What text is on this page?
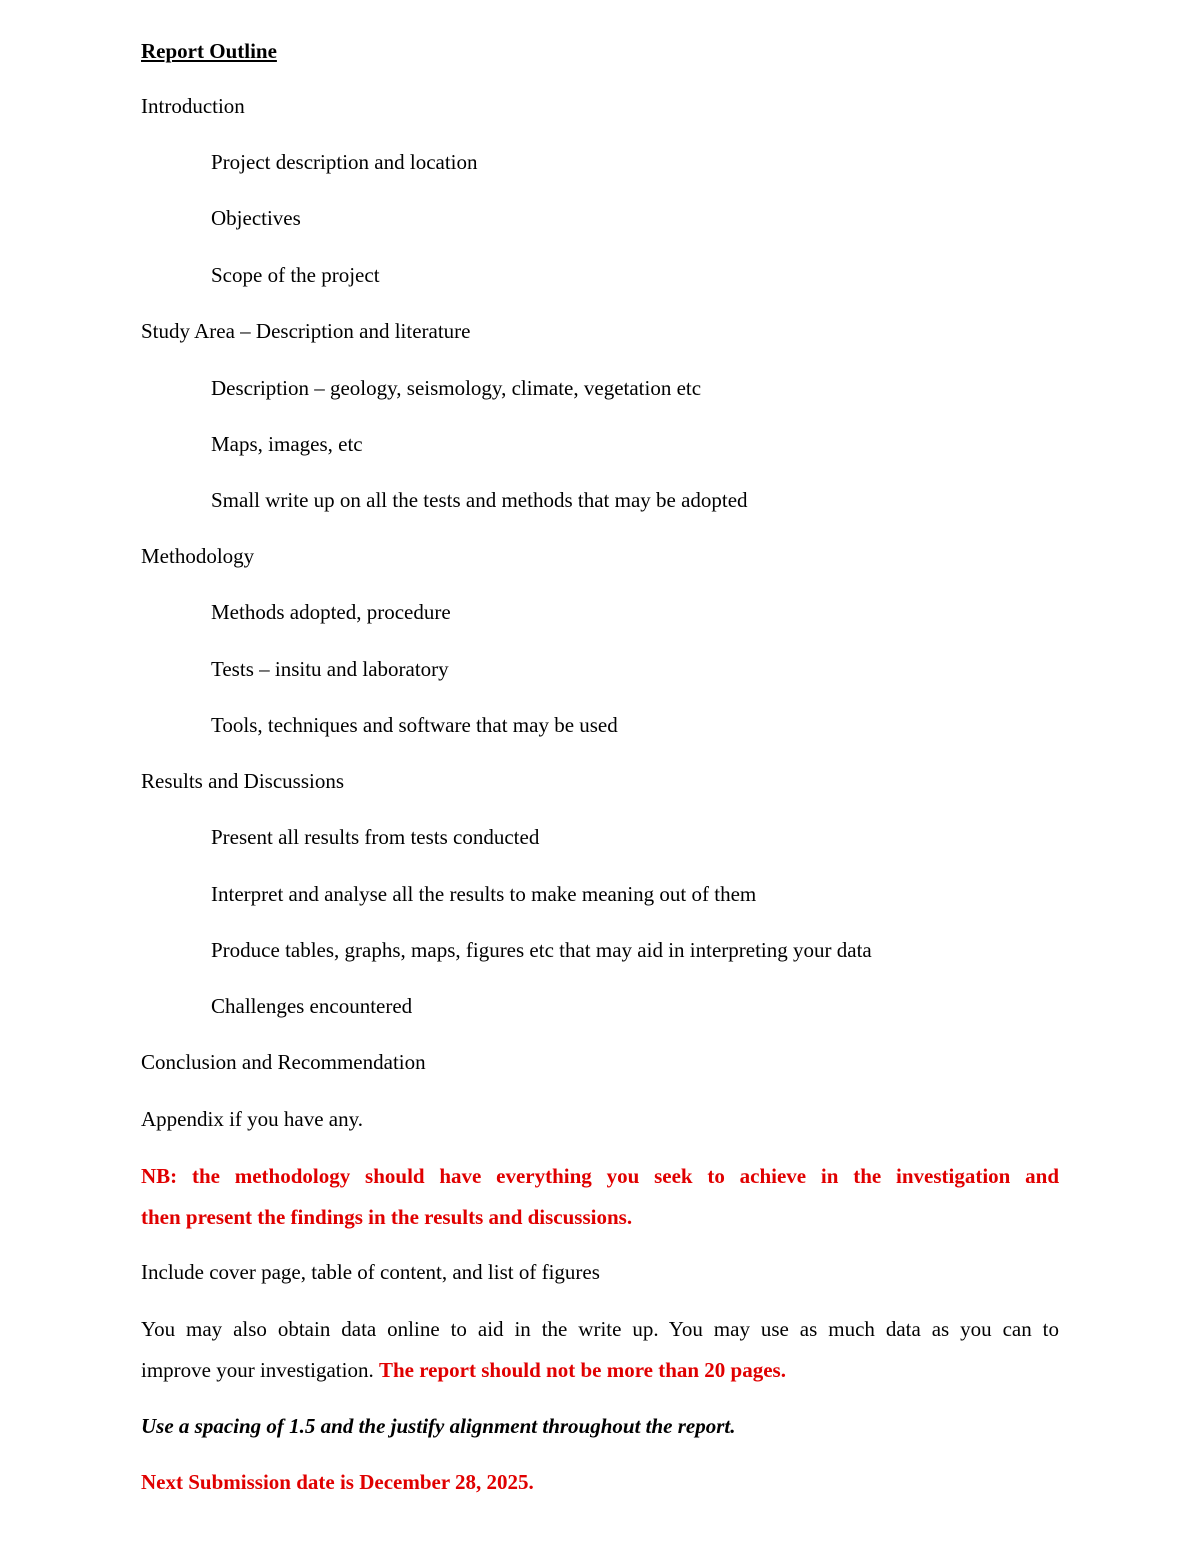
Report Outline
Introduction
Project description and location
Objectives
Scope of the project
Study Area – Description and literature
Description – geology, seismology, climate, vegetation etc
Maps, images, etc
Small write up on all the tests and methods that may be adopted
Methodology
Methods adopted, procedure
Tests – insitu and laboratory
Tools, techniques and software that may be used
Results and Discussions
Present all results from tests conducted
Interpret and analyse all the results to make meaning out of them
Produce tables, graphs, maps, figures etc that may aid in interpreting your data
Challenges encountered
Conclusion and Recommendation
Appendix if you have any.
NB: the methodology should have everything you seek to achieve in the investigation and
then present the findings in the results and discussions.
Include cover page, table of content, and list of figures
You may also obtain data online to aid in the write up. You may use as much data as you can to
improve your investigation. The report should not be more than 20 pages.
Use a spacing of 1.5 and the justify alignment throughout the report.
Next Submission date is December 28, 2025.
